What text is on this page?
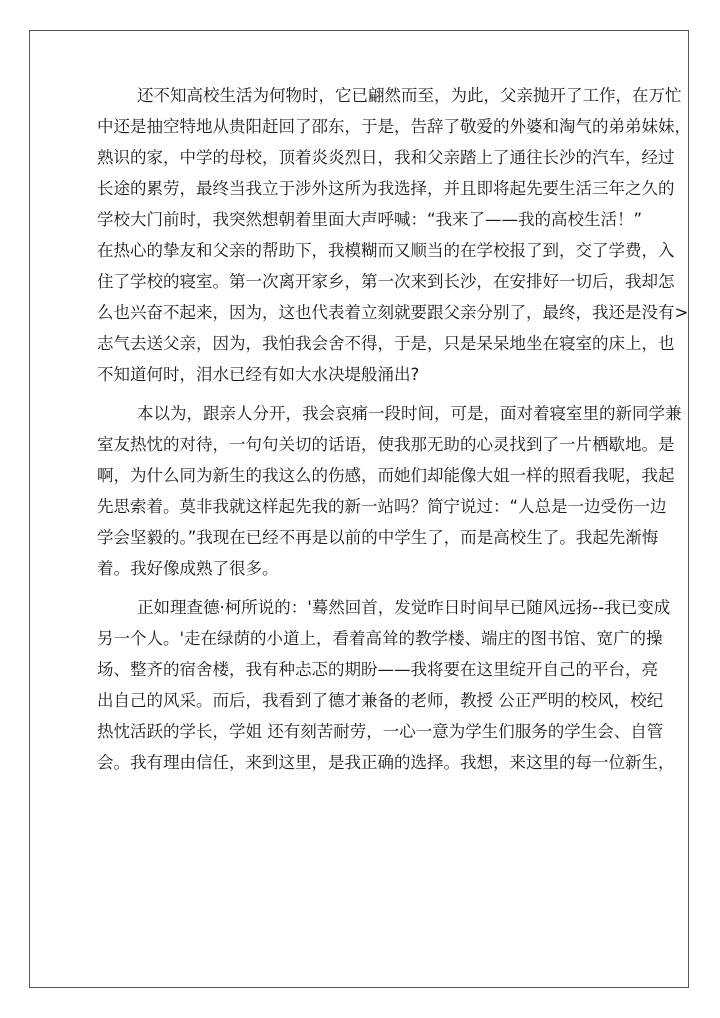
还不知高校生活为何物时，它已翩然而至，为此，父亲抛开了工作，在万忙
中还是抽空特地从贵阳赶回了邵东，于是，告辞了敬爱的外婆和淘气的弟弟妹妹，
熟识的家，中学的母校，顶着炎炎烈日，我和父亲踏上了通往长沙的汽车，经过
长途的累劳，最终当我立于涉外这所为我选择，并且即将起先要生活三年之久的
学校大门前时，我突然想朝着里面大声呼喊：“我来了——我的高校生活！”
在热心的挚友和父亲的帮助下，我模糊而又顺当的在学校报了到，交了学费，入
住了学校的寝室。第一次离开家乡，第一次来到长沙，在安排好一切后，我却怎
么也兴奋不起来，因为，这也代表着立刻就要跟父亲分别了，最终，我还是没有>
志气去送父亲，因为，我怕我会舍不得，于是，只是呆呆地坐在寝室的床上，也
不知道何时，泪水已经有如大水决堤般涌出?
本以为，跟亲人分开，我会哀痛一段时间，可是，面对着寝室里的新同学兼
室友热忱的对待，一句句关切的话语，使我那无助的心灵找到了一片栖歇地。是
啊，为什么同为新生的我这么的伤感，而她们却能像大姐一样的照看我呢，我起
先思索着。莫非我就这样起先我的新一站吗？简宁说过：“人总是一边受伤一边
学会坚毅的。”我现在已经不再是以前的中学生了，而是高校生了。我起先渐悔
着。我好像成熟了很多。
正如理查德·柯所说的：'蓦然回首，发觉昨日时间早已随风远扬--我已变成
另一个人。'走在绿荫的小道上，看着高耸的教学楼、端庄的图书馆、宽广的操
场、整齐的宿舍楼，我有种忐忑的期盼——我将要在这里绽开自己的平台，亮
出自己的风采。而后，我看到了德才兼备的老师，教授 公正严明的校风，校纪
热忱活跃的学长，学姐 还有刻苦耐劳，一心一意为学生们服务的学生会、自管
会。我有理由信任，来到这里，是我正确的选择。我想，来这里的每一位新生，
